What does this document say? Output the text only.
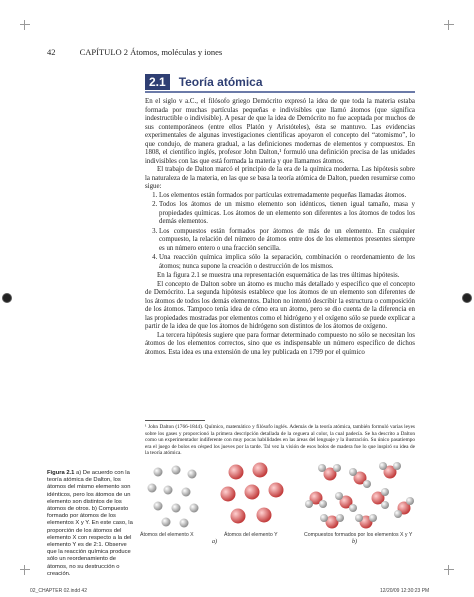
42	CAPÍTULO 2 Átomos, moléculas y iones
2.1 Teoría atómica

En el siglo v a.C., el filósofo griego Demócrito expresó la idea de que toda la materia estaba formada por muchas partículas pequeñas e indivisibles que llamó átomos (que significa indestructible o indivisible). A pesar de que la idea de Demócrito no fue aceptada por muchos de sus contemporáneos (entre ellos Platón y Aristóteles), ésta se mantuvo. Las evidencias experimentales de algunas investigaciones científicas apoyaron el concepto del “atomismo”, lo que condujo, de manera gradual, a las definiciones modernas de elementos y compuestos. En 1808, el científico inglés, profesor John Dalton,¹ formuló una definición precisa de las unidades indivisibles con las que está formada la materia y que llamamos átomos.

El trabajo de Dalton marcó el principio de la era de la química moderna. Las hipótesis sobre la naturaleza de la materia, en las que se basa la teoría atómica de Dalton, pueden resumirse como sigue:

1. Los elementos están formados por partículas extremadamente pequeñas llamadas átomos.
2. Todos los átomos de un mismo elemento son idénticos, tienen igual tamaño, masa y propiedades químicas. Los átomos de un elemento son diferentes a los átomos de todos los demás elementos.
3. Los compuestos están formados por átomos de más de un elemento. En cualquier compuesto, la relación del número de átomos entre dos de los elementos presentes siempre es un número entero o una fracción sencilla.
4. Una reacción química implica sólo la separación, combinación o reordenamiento de los átomos; nunca supone la creación o destrucción de los mismos.

En la figura 2.1 se muestra una representación esquemática de las tres últimas hipótesis.

El concepto de Dalton sobre un átomo es mucho más detallado y específico que el concepto de Demócrito. La segunda hipótesis establece que los átomos de un elemento son diferentes de los átomos de todos los demás elementos. Dalton no intentó describir la estructura o composición de los átomos. Tampoco tenía idea de cómo era un átomo, pero se dio cuenta de la diferencia en las propiedades mostradas por elementos como el hidrógeno y el oxígeno sólo se puede explicar a partir de la idea de que los átomos de hidrógeno son distintos de los átomos de oxígeno.

La tercera hipótesis sugiere que para formar determinado compuesto no sólo se necesitan los átomos de los elementos correctos, sino que es indispensable un número específico de dichos átomos. Esta idea es una extensión de una ley publicada en 1799 por el químico

¹ John Dalton (1766-1844). Químico, matemático y filósofo inglés. Además de la teoría atómica, también formuló varias leyes sobre los gases y proporcionó la primera descripción detallada de la ceguera al color, la cual padecía. Se ha descrito a Dalton como un experimentador indiferente con muy pocas habilidades en las áreas del lenguaje y la ilustración. Su único pasatiempo era el juego de bolos en césped los jueves por la tarde. Tal vez la visión de esos bolos de madera fue lo que inspiró su idea de la teoría atómica.
Figura 2.1 a) De acuerdo con la teoría atómica de Dalton, los átomos del mismo elemento son idénticos, pero los átomos de un elemento son distintos de los átomos de otros. b) Compuesto formado por átomos de los elementos X y Y. En este caso, la proporción de los átomos del elemento X con respecto a la del elemento Y es de 2:1. Observe que la reacción química produce sólo un reordenamiento de átomos, no su destrucción o creación.
Átomos del elemento X	Átomos del elemento Y	Compuestos formados por los elementos X y Y
a)	b)
02_CHAPTER 02.indd 42	12/20/09 12:30:23 PM
